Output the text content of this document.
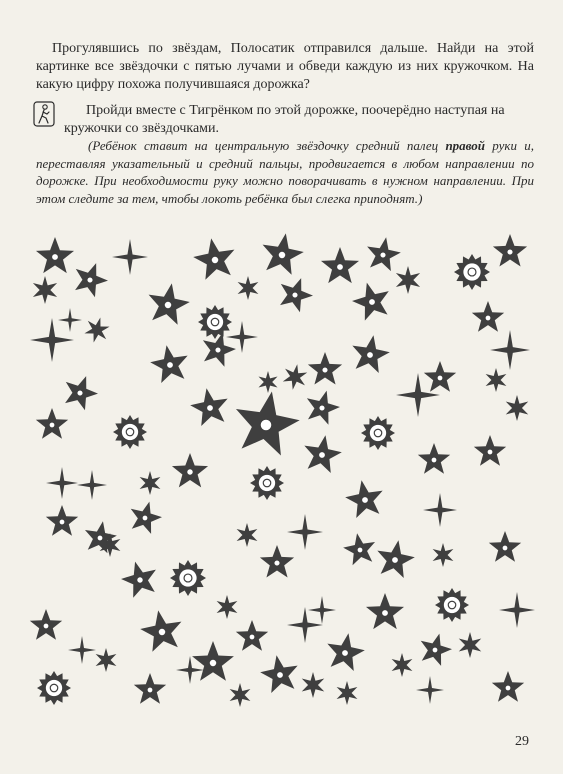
Прогулявшись по звёздам, Полосатик отправился дальше. Найди на этой картинке все звёздочки с пятью лучами и обведи каждую из них кружочком. На какую цифру похожа получившаяся дорожка?

Пройди вместе с Тигрёнком по этой дорожке, поочерёдно наступая на кружочки со звёздочками.

(Ребёнок ставит на центральную звёздочку средний палец правой руки и, переставляя указательный и средний пальцы, продвигается в любом направлении по дорожке. При необходимости руку можно поворачивать в нужном направлении. При этом следите за тем, чтобы локоть ребёнка был слегка приподнят.)

29
